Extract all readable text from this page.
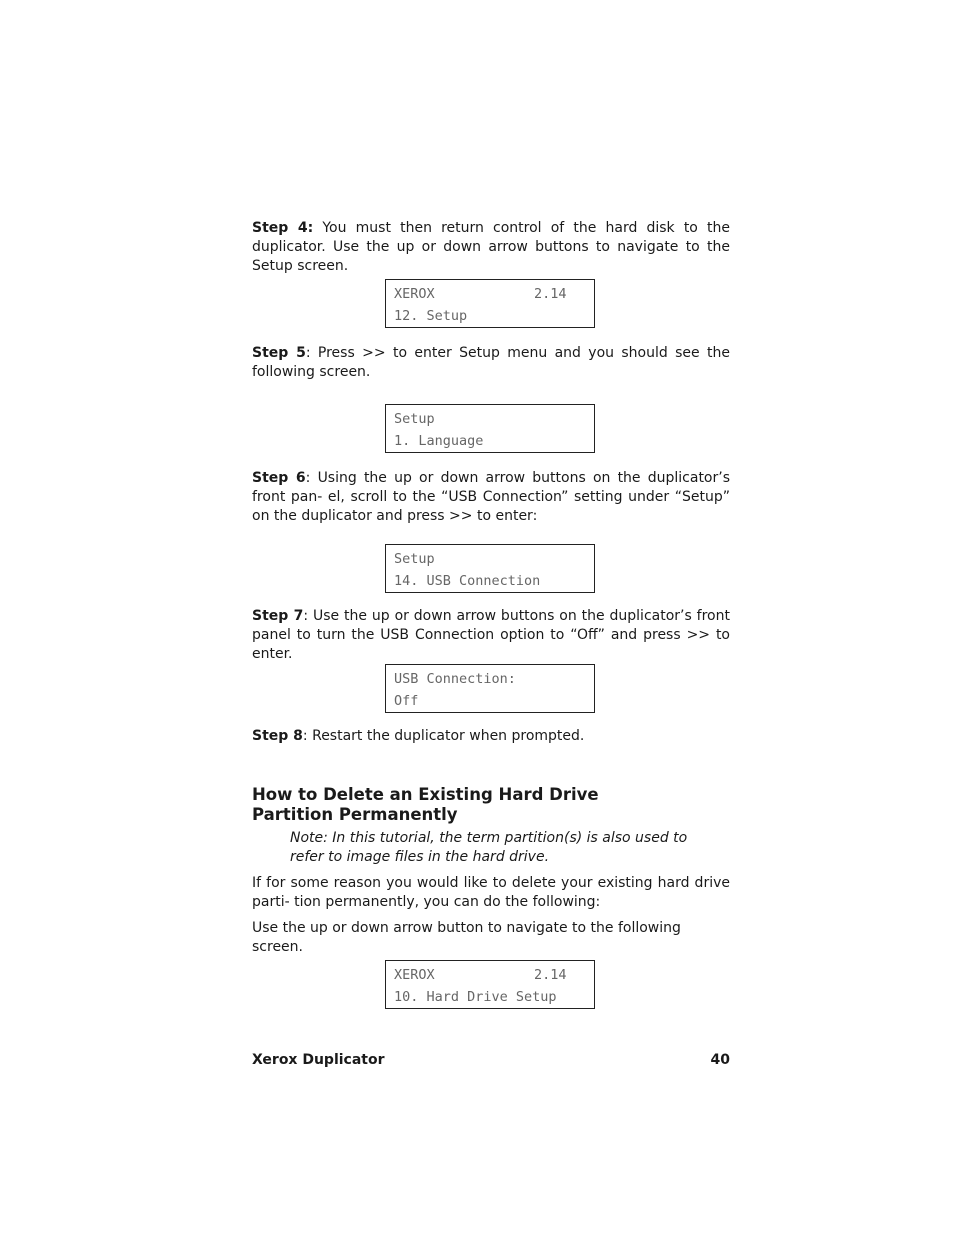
Step 4: You must then return control of the hard disk to the duplicator. Use the up or down arrow buttons to navigate to the Setup screen.

XEROX	2.14
12. Setup

Step 5: Press >> to enter Setup menu and you should see the following screen.

Setup
1. Language

Step 6: Using the up or down arrow buttons on the duplicator’s front pan- el, scroll to the “USB Connection” setting under “Setup” on the duplicator and press >> to enter:

Setup
14. USB Connection

Step 7: Use the up or down arrow buttons on the duplicator’s front panel to turn the USB Connection option to “Off” and press >> to enter.

USB Connection:
Off

Step 8: Restart the duplicator when prompted.

How to Delete an Existing Hard Drive Partition Permanently

Note: In this tutorial, the term partition(s) is also used to refer to image files in the hard drive.

If for some reason you would like to delete your existing hard drive parti- tion permanently, you can do the following:

Use the up or down arrow button to navigate to the following screen.

XEROX	2.14
10. Hard Drive Setup

Xerox Duplicator	40
